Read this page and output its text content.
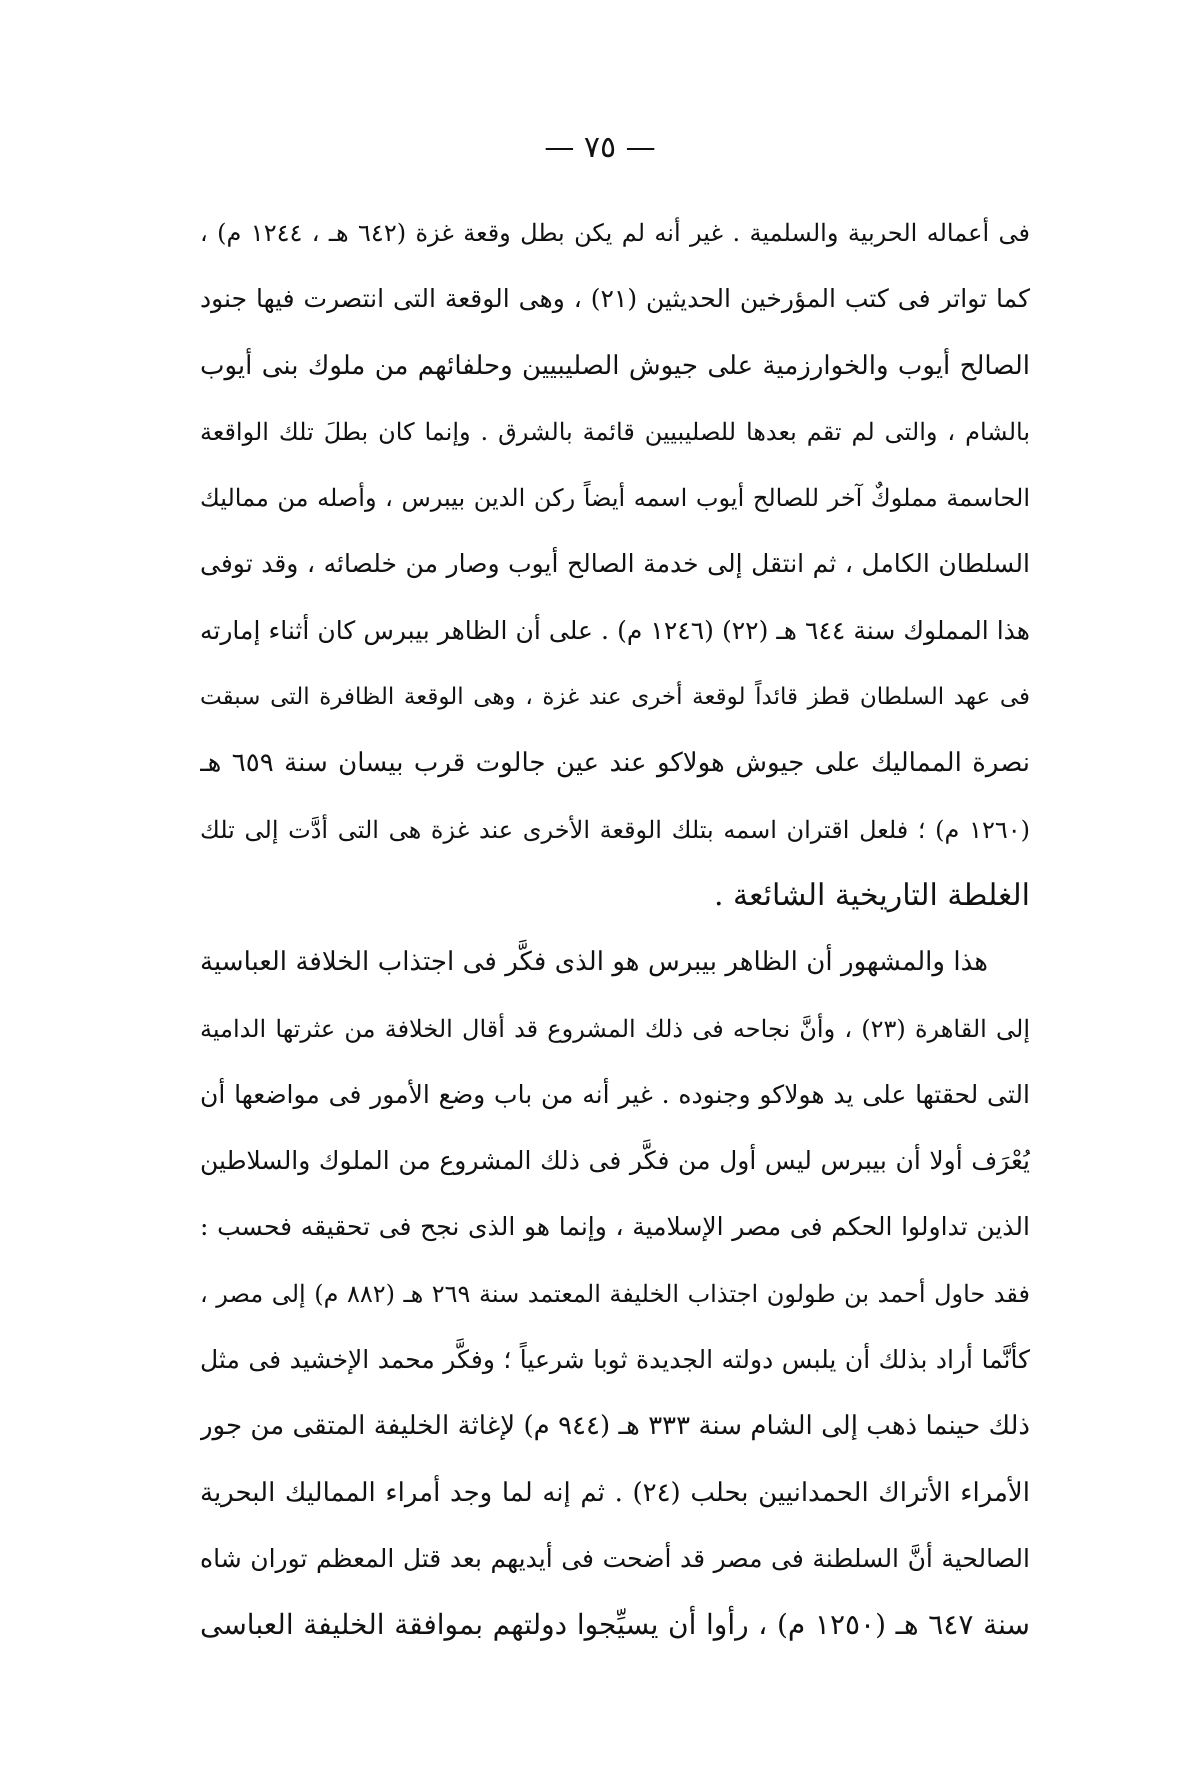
— ٧٥ —
فى أعماله الحربية والسلمية . غير أنه لم يكن بطل وقعة غزة (٦٤٢ هـ ، ١٢٤٤ م) ،
كما تواتر فى كتب المؤرخين الحديثين (٢١) ، وهى الوقعة التى انتصرت فيها جنود
الصالح أيوب والخوارزمية على جيوش الصليبيين وحلفائهم من ملوك بنى أيوب
بالشام ، والتى لم تقم بعدها للصليبيين قائمة بالشرق . وإنما كان بطلَ تلك الواقعة
الحاسمة مملوكٌ آخر للصالح أيوب اسمه أيضاً ركن الدين بيبرس ، وأصله من مماليك
السلطان الكامل ، ثم انتقل إلى خدمة الصالح أيوب وصار من خلصائه ، وقد توفى
هذا المملوك سنة ٦٤٤ هـ (٢٢) (١٢٤٦ م) . على أن الظاهر بيبرس كان أثناء إمارته
فى عهد السلطان قطز قائداً لوقعة أخرى عند غزة ، وهى الوقعة الظافرة التى سبقت
نصرة المماليك على جيوش هولاكو عند عين جالوت قرب بيسان سنة ٦٥٩ هـ
(١٢٦٠ م) ؛ فلعل اقتران اسمه بتلك الوقعة الأخرى عند غزة هى التى أدَّت إلى تلك
الغلطة التاريخية الشائعة .
هذا والمشهور أن الظاهر بيبرس هو الذى فكَّر فى اجتذاب الخلافة العباسية
إلى القاهرة (٢٣) ، وأنَّ نجاحه فى ذلك المشروع قد أقال الخلافة من عثرتها الدامية
التى لحقتها على يد هولاكو وجنوده . غير أنه من باب وضع الأمور فى مواضعها أن
يُعْرَف أولا أن بيبرس ليس أول من فكَّر فى ذلك المشروع من الملوك والسلاطين
الذين تداولوا الحكم فى مصر الإسلامية ، وإنما هو الذى نجح فى تحقيقه فحسب :
فقد حاول أحمد بن طولون اجتذاب الخليفة المعتمد سنة ٢٦٩ هـ (٨٨٢ م) إلى مصر ،
كأنَّما أراد بذلك أن يلبس دولته الجديدة ثوبا شرعياً ؛ وفكَّر محمد الإخشيد فى مثل
ذلك حينما ذهب إلى الشام سنة ٣٣٣ هـ (٩٤٤ م) لإغاثة الخليفة المتقى من جور
الأمراء الأتراك الحمدانيين بحلب (٢٤) . ثم إنه لما وجد أمراء المماليك البحرية
الصالحية أنَّ السلطنة فى مصر قد أضحت فى أيديهم بعد قتل المعظم توران شاه
سنة ٦٤٧ هـ (١٢٥٠ م) ، رأوا أن يسيِّجوا دولتهم بموافقة الخليفة العباسى
